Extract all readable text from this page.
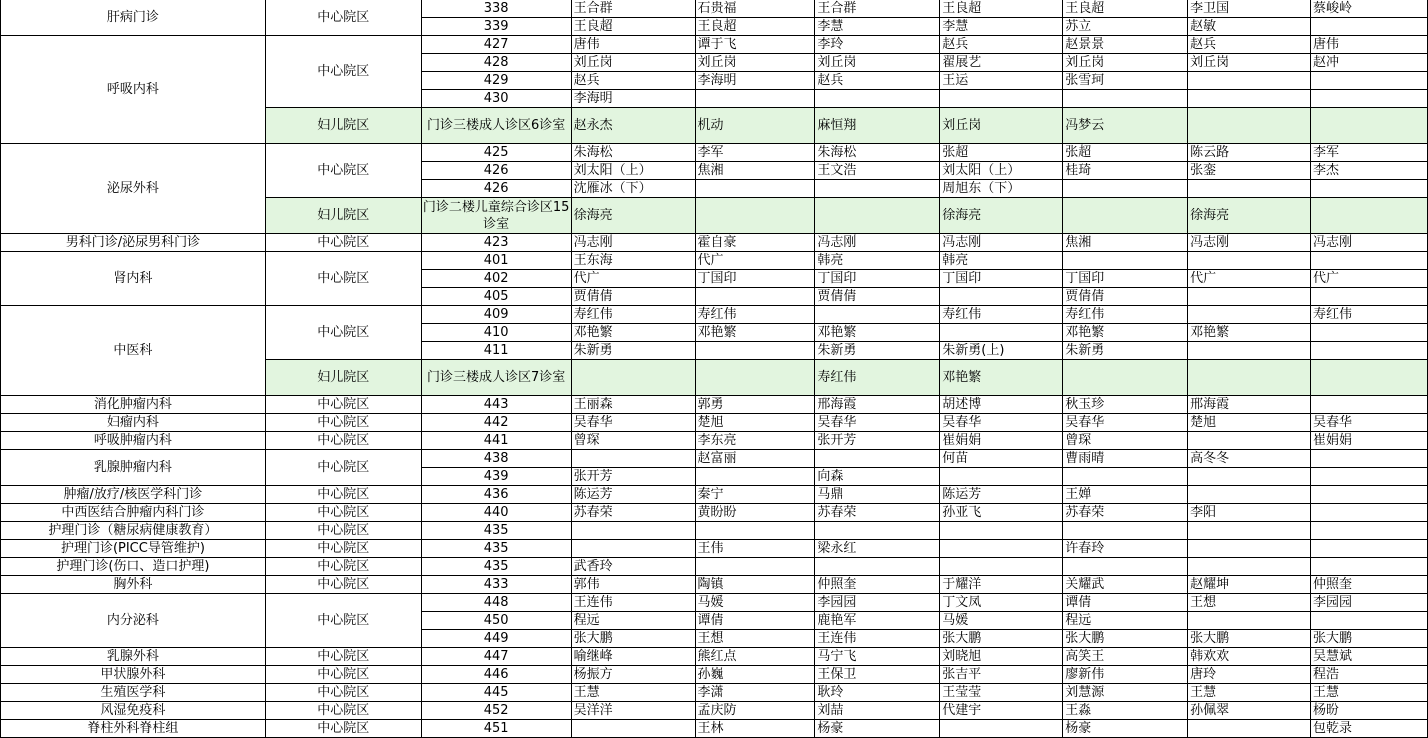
肝病门诊	中心院区	338	王合群	石贵福	王合群	王良超	王良超	李卫国	蔡峻岭
		339	王良超	王良超	李慧	李慧	苏立	赵敏	
呼吸内科	中心院区	427	唐伟	谭于飞	李玲	赵兵	赵景景	赵兵	唐伟
		428	刘丘岗	刘丘岗	刘丘岗	翟展艺	刘丘岗	刘丘岗	赵冲
		429	赵兵	李海明	赵兵	王运	张雪珂		
		430	李海明						
	妇儿院区	门诊三楼成人诊区6诊室	赵永杰	机动	麻恒翔	刘丘岗	冯梦云		
泌尿外科	中心院区	425	朱海松	李军	朱海松	张超	张超	陈云路	李军
		426	刘太阳（上）	焦湘	王文浩	刘太阳（上）	桂琦	张銮	李杰
		426	沈雁冰（下）			周旭东（下）			
	妇儿院区	门诊二楼儿童综合诊区15诊室	徐海亮			徐海亮		徐海亮	
男科门诊/泌尿男科门诊	中心院区	423	冯志刚	霍自豪	冯志刚	冯志刚	焦湘	冯志刚	冯志刚
肾内科	中心院区	401	王东海	代广	韩亮	韩亮			
		402	代广	丁国印	丁国印	丁国印	丁国印	代广	代广
		405	贾倩倩		贾倩倩		贾倩倩		
中医科	中心院区	409	寿红伟	寿红伟		寿红伟	寿红伟		寿红伟
		410	邓艳繁	邓艳繁	邓艳繁		邓艳繁	邓艳繁	
		411	朱新勇		朱新勇	朱新勇(上)	朱新勇		
	妇儿院区	门诊三楼成人诊区7诊室			寿红伟	邓艳繁			
消化肿瘤内科	中心院区	443	王丽森	郭勇	邢海霞	胡述博	秋玉珍	邢海霞	
妇瘤内科	中心院区	442	吴春华	楚旭	吴春华	吴春华	吴春华	楚旭	吴春华
呼吸肿瘤内科	中心院区	441	曾琛	李东亮	张开芳	崔娟娟	曾琛		崔娟娟
乳腺肿瘤内科	中心院区	438		赵富丽		何苗	曹雨晴	高冬冬	
		439	张开芳		向森				
肿瘤/放疗/核医学科门诊	中心院区	436	陈运芳	秦宁	马鼎	陈运芳	王婵		
中西医结合肿瘤内科门诊	中心院区	440	苏春荣	黄盼盼	苏春荣	孙亚飞	苏春荣	李阳	
护理门诊（糖尿病健康教育）	中心院区	435							
护理门诊(PICC导管维护)	中心院区	435		王伟	梁永红		许春玲		
护理门诊(伤口、造口护理)	中心院区	435	武香玲						
胸外科	中心院区	433	郭伟	陶镇	仲照奎	于耀洋	关耀武	赵耀坤	仲照奎
内分泌科	中心院区	448	王连伟	马媛	李园园	丁文凤	谭倩	王想	李园园
		450	程远	谭倩	鹿艳军	马媛	程远		
		449	张大鹏	王想	王连伟	张大鹏	张大鹏	张大鹏	张大鹏
乳腺外科	中心院区	447	喻继峰	熊红点	马宁飞	刘晓旭	高笑王	韩欢欢	吴慧斌
甲状腺外科	中心院区	446	杨振方	孙巍	王保卫	张吉平	廖新伟	唐玲	程浩
生殖医学科	中心院区	445	王慧	李潇	耿玲	王莹莹	刘慧源	王慧	王慧
风湿免疫科	中心院区	452	吴洋洋	孟庆防	刘喆	代建宇	王淼	孙佩翠	杨昐
脊柱外科脊柱组	中心院区	451		王林	杨豪		杨豪		包乾录
